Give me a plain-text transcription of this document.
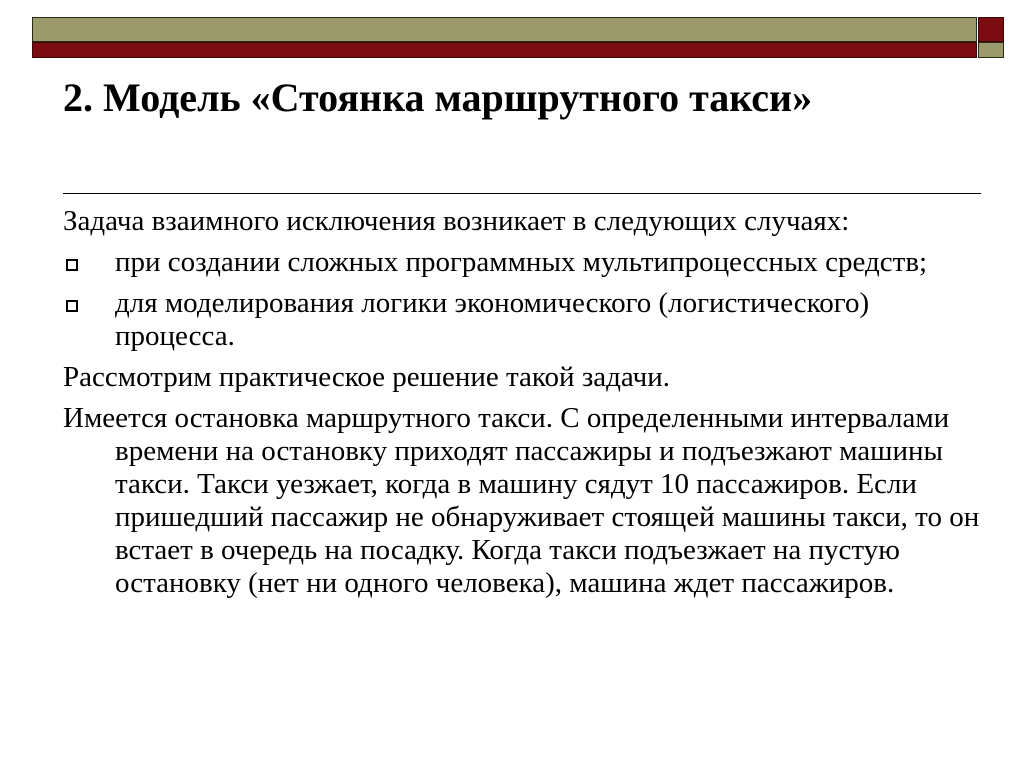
2. Модель «Стоянка маршрутного такси»

Задача взаимного исключения возникает в следующих случаях:

при создании сложных программных мультипроцессных средств;
для моделирования логики экономического (логистического) процесса.

Рассмотрим практическое решение такой задачи.

Имеется остановка маршрутного такси. С определенными интервалами времени на остановку приходят пассажиры и подъезжают машины такси. Такси уезжает, когда в машину сядут 10 пассажиров. Если пришедший пассажир не обнаруживает стоящей машины такси, то он встает в очередь на посадку. Когда такси подъезжает на пустую остановку (нет ни одного человека), машина ждет пассажиров.
